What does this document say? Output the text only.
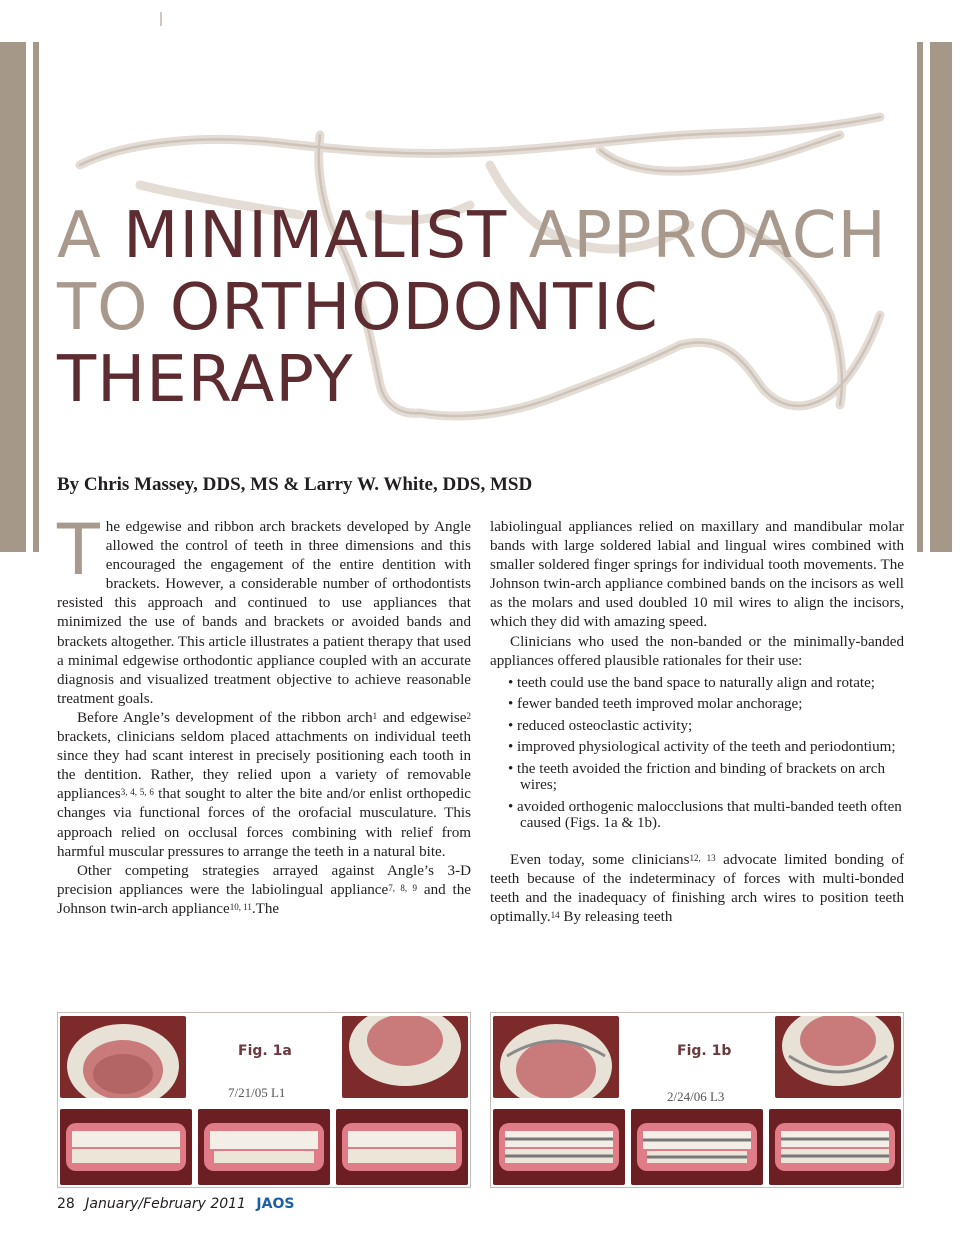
A MINIMALIST APPROACH
TO ORTHODONTIC THERAPY
By Chris Massey, DDS, MS & Larry W. White, DDS, MSD

The edgewise and ribbon arch brackets developed by Angle allowed the control of teeth in three dimensions and this encouraged the engagement of the entire dentition with brackets. However, a considerable number of orthodontists resisted this approach and continued to use appliances that minimized the use of bands and brackets or avoided bands and brackets altogether. This article illustrates a patient therapy that used a minimal edgewise orthodontic appliance coupled with an accurate diagnosis and visualized treatment objective to achieve reasonable treatment goals.

Before Angle’s development of the ribbon arch$^1$ and edgewise$^2$ brackets, clinicians seldom placed attachments on individual teeth since they had scant interest in precisely positioning each tooth in the dentition. Rather, they relied upon a variety of removable appliances$^{3, 4, 5, 6}$ that sought to alter the bite and/or enlist orthopedic changes via functional forces of the orofacial musculature. This approach relied on occlusal forces combining with relief from harmful muscular pressures to arrange the teeth in a natural bite.

Other competing strategies arrayed against Angle’s 3-D precision appliances were the labiolingual appliance$^{7, 8, 9}$ and the Johnson twin-arch appliance$^{10, 11}$.The

labiolingual appliances relied on maxillary and mandibular molar bands with large soldered labial and lingual wires combined with smaller soldered finger springs for individual tooth movements. The Johnson twin-arch appliance combined bands on the incisors as well as the molars and used doubled 10 mil wires to align the incisors, which they did with amazing speed.

Clinicians who used the non-banded or the minimally-banded appliances offered plausible rationales for their use:

• teeth could use the band space to naturally align and rotate;
• fewer banded teeth improved molar anchorage;
• reduced osteoclastic activity;
• improved physiological activity of the teeth and periodontium;
• the teeth avoided the friction and binding of brackets on arch wires;
• avoided orthogenic malocclusions that multi-banded teeth often caused (Figs. 1a & 1b).

Even today, some clinicians$^{12, 13}$ advocate limited bonding of teeth because of the indeterminacy of forces with multi-bonded teeth and the inadequacy of finishing arch wires to position teeth optimally.$^{14}$ By releasing teeth

Fig. 1a
7/21/05 L1
Fig. 1b
2/24/06 L3
28 January/February 2011 JAOS
